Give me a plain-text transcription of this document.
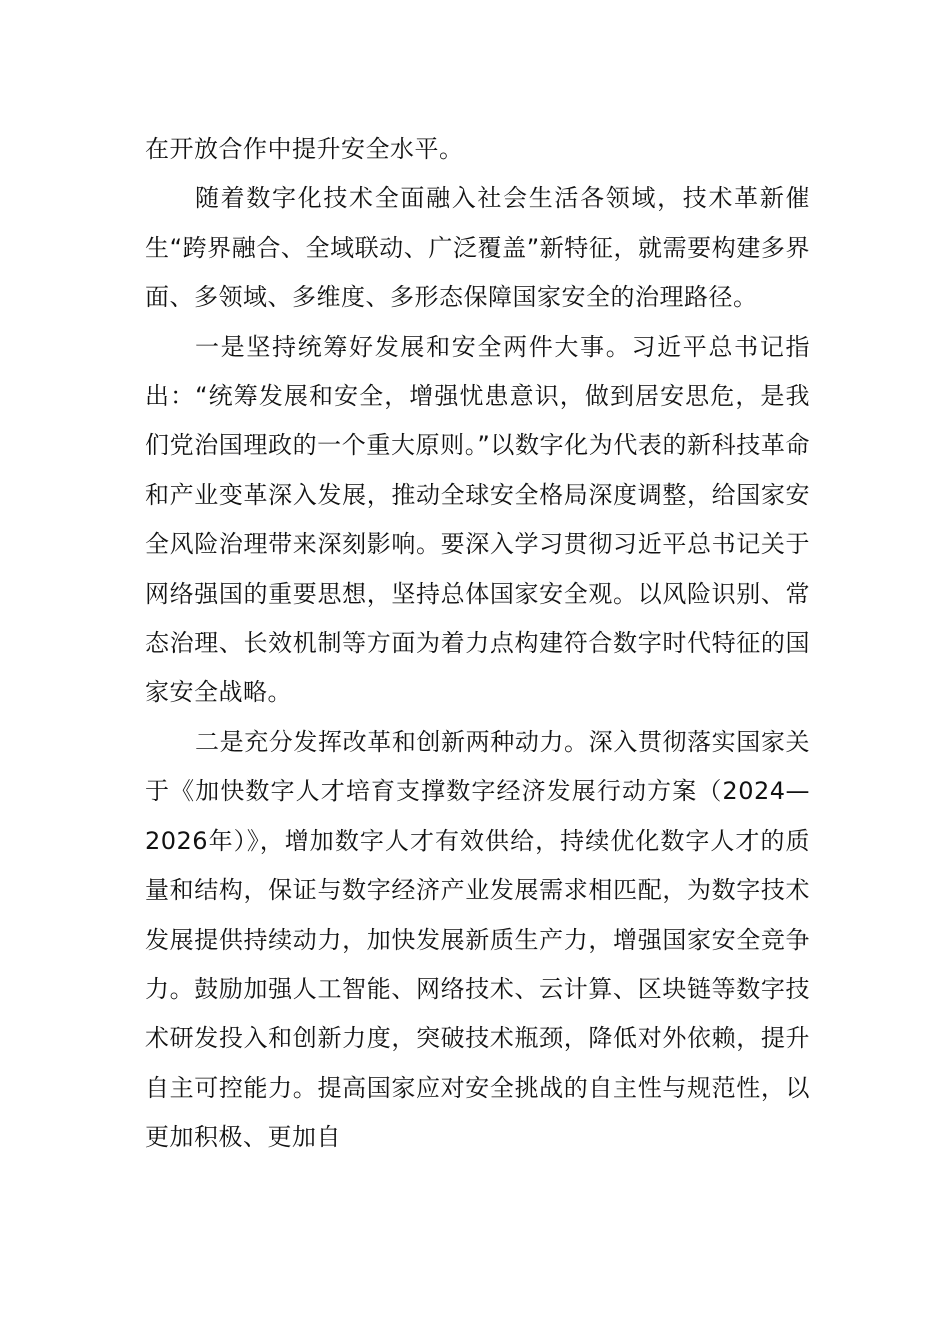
在开放合作中提升安全水平。

随着数字化技术全面融入社会生活各领域，技术革新催生“跨界融合、全域联动、广泛覆盖”新特征，就需要构建多界面、多领域、多维度、多形态保障国家安全的治理路径。

一是坚持统筹好发展和安全两件大事。习近平总书记指出：“统筹发展和安全，增强忧患意识，做到居安思危，是我们党治国理政的一个重大原则。”以数字化为代表的新科技革命和产业变革深入发展，推动全球安全格局深度调整，给国家安全风险治理带来深刻影响。要深入学习贯彻习近平总书记关于网络强国的重要思想，坚持总体国家安全观。以风险识别、常态治理、长效机制等方面为着力点构建符合数字时代特征的国家安全战略。

二是充分发挥改革和创新两种动力。深入贯彻落实国家关于《加快数字人才培育支撑数字经济发展行动方案（2024—2026年）》，增加数字人才有效供给，持续优化数字人才的质量和结构，保证与数字经济产业发展需求相匹配，为数字技术发展提供持续动力，加快发展新质生产力，增强国家安全竞争力。鼓励加强人工智能、网络技术、云计算、区块链等数字技术研发投入和创新力度，突破技术瓶颈，降低对外依赖，提升自主可控能力。提高国家应对安全挑战的自主性与规范性，以更加积极、更加自
